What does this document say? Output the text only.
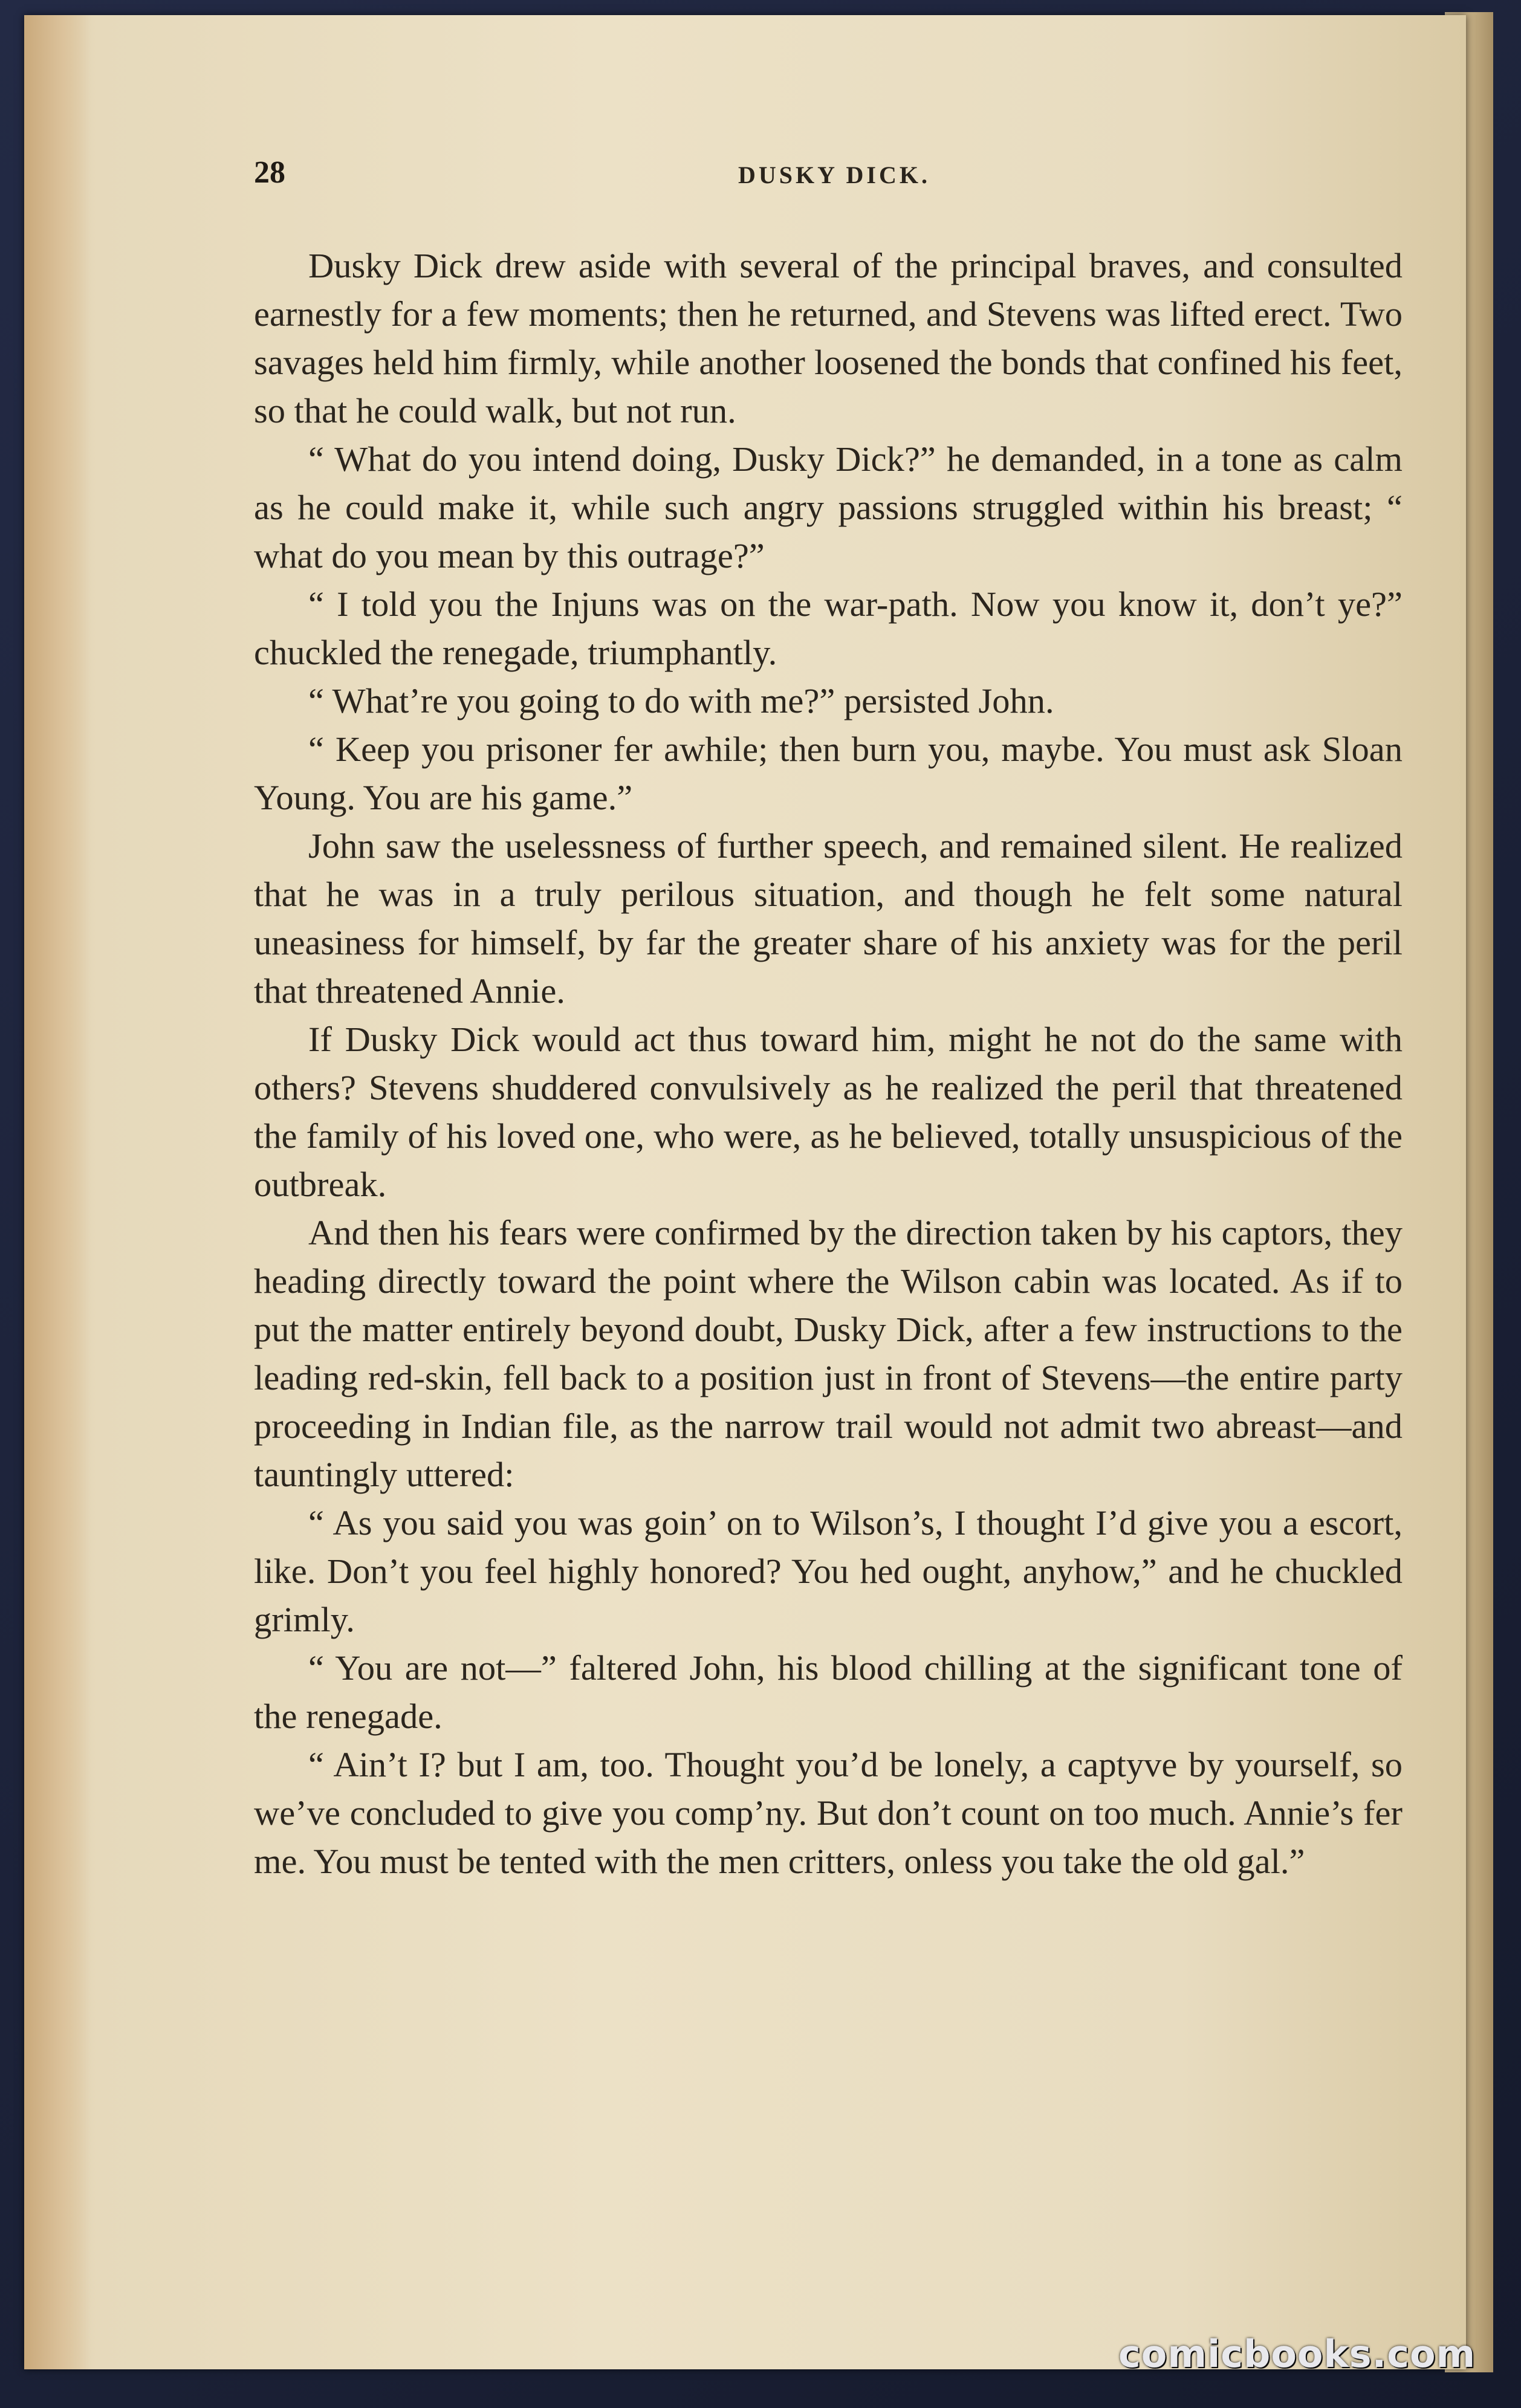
28	DUSKY DICK.

Dusky Dick drew aside with several of the principal braves, and consulted earnestly for a few moments; then he returned, and Stevens was lifted erect. Two savages held him firmly, while another loosened the bonds that confined his feet, so that he could walk, but not run.

“ What do you intend doing, Dusky Dick?” he demanded, in a tone as calm as he could make it, while such angry passions struggled within his breast; “ what do you mean by this outrage?”

“ I told you the Injuns was on the war-path. Now you know it, don’t ye?” chuckled the renegade, triumphantly.

“ What’re you going to do with me?” persisted John.

“ Keep you prisoner fer awhile; then burn you, maybe. You must ask Sloan Young. You are his game.”

John saw the uselessness of further speech, and remained silent. He realized that he was in a truly perilous situation, and though he felt some natural uneasiness for himself, by far the greater share of his anxiety was for the peril that threatened Annie.

If Dusky Dick would act thus toward him, might he not do the same with others? Stevens shuddered convulsively as he realized the peril that threatened the family of his loved one, who were, as he believed, totally unsuspicious of the outbreak.

And then his fears were confirmed by the direction taken by his captors, they heading directly toward the point where the Wilson cabin was located. As if to put the matter entirely beyond doubt, Dusky Dick, after a few instructions to the leading red-skin, fell back to a position just in front of Stevens—the entire party proceeding in Indian file, as the narrow trail would not admit two abreast—and tauntingly uttered:

“ As you said you was goin’ on to Wilson’s, I thought I’d give you a escort, like. Don’t you feel highly honored? You hed ought, anyhow,” and he chuckled grimly.

“ You are not—” faltered John, his blood chilling at the significant tone of the renegade.

“ Ain’t I? but I am, too. Thought you’d be lonely, a captyve by yourself, so we’ve concluded to give you comp’ny. But don’t count on too much. Annie’s fer me. You must be tented with the men critters, onless you take the old gal.”

comicbooks.com
